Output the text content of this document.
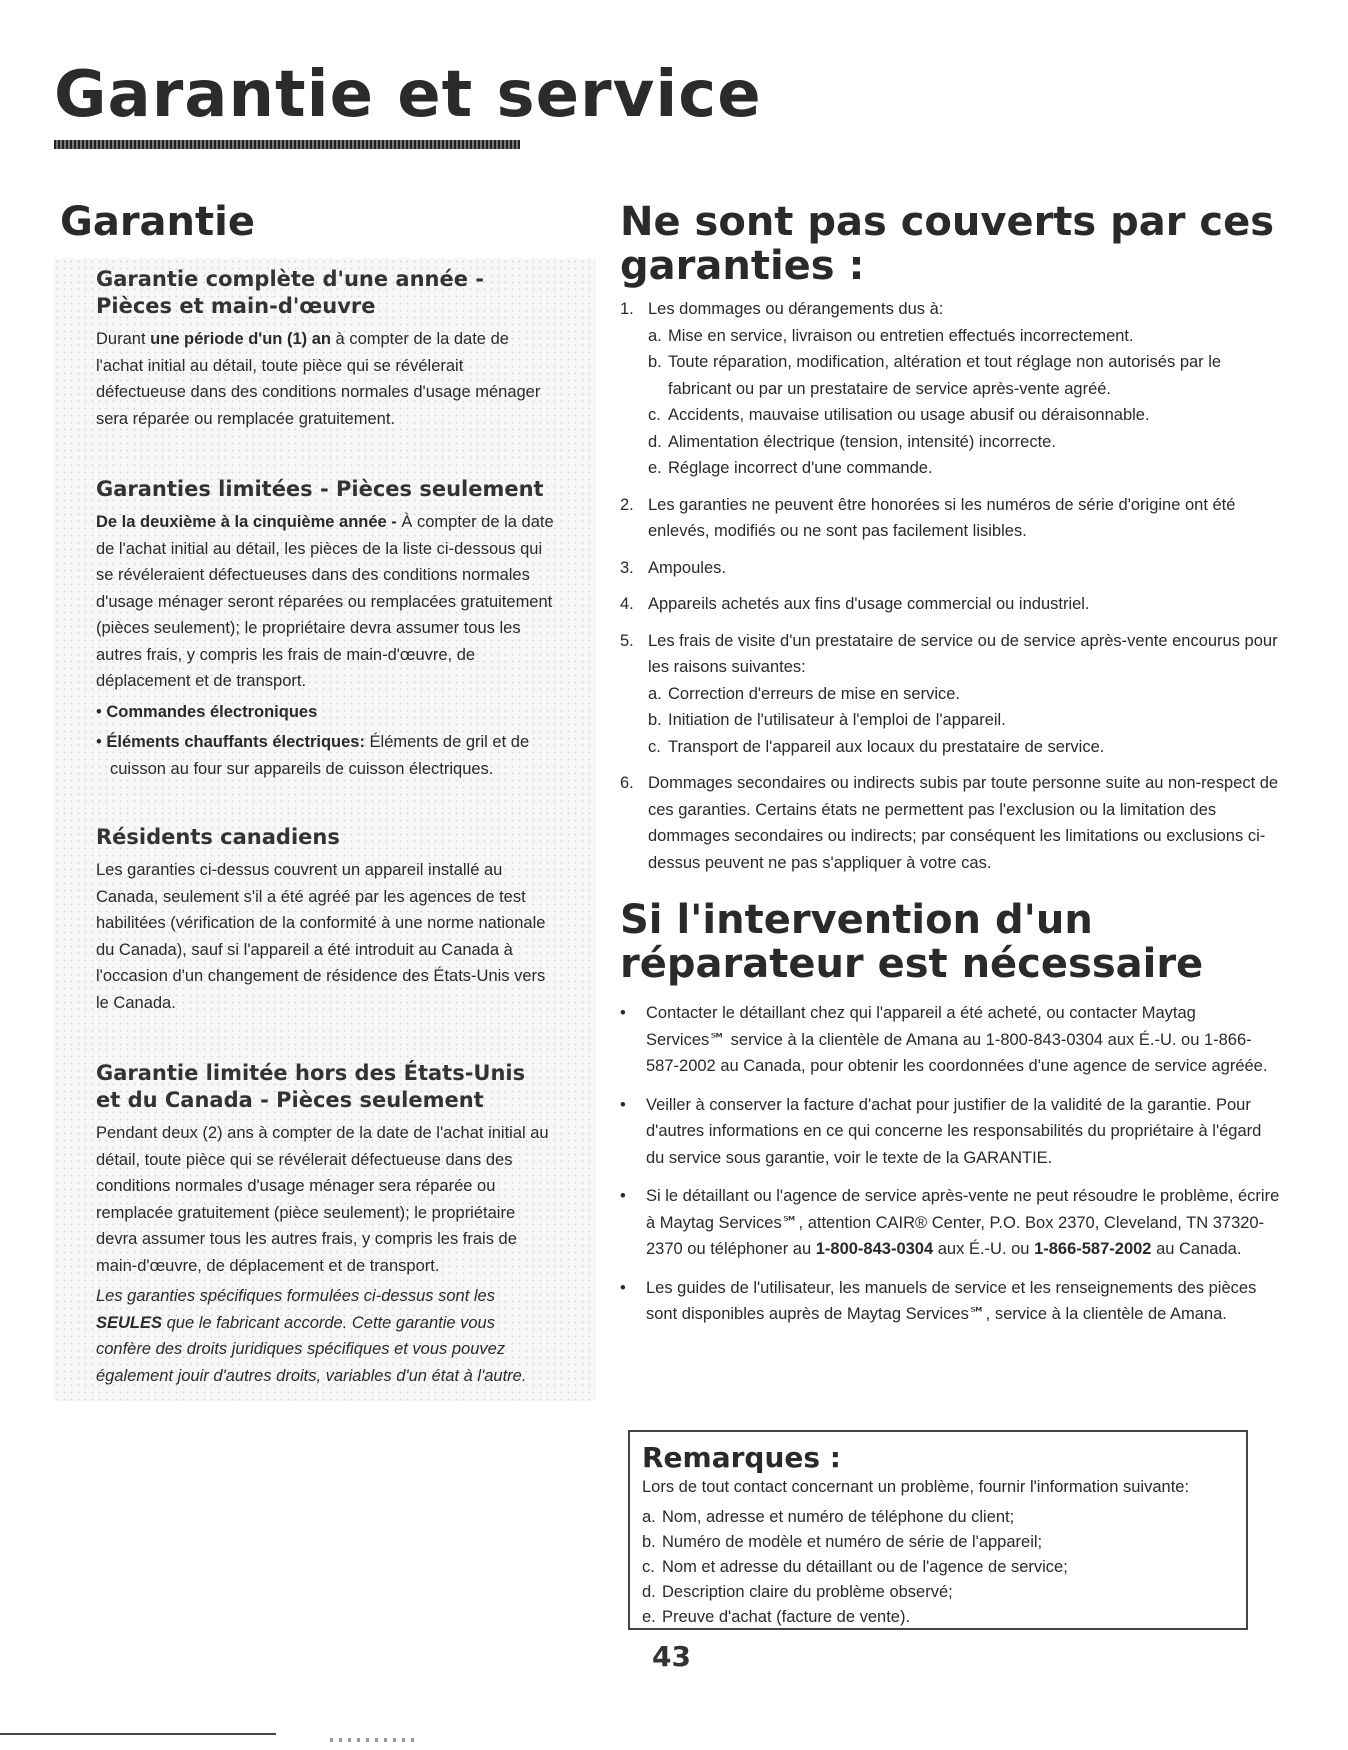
Garantie et service
Garantie
Garantie complète d'une année - Pièces et main-d'œuvre

Durant une période d'un (1) an à compter de la date de l'achat initial au détail, toute pièce qui se révélerait défectueuse dans des conditions normales d'usage ménager sera réparée ou remplacée gratuitement.

Garanties limitées - Pièces seulement

De la deuxième à la cinquième année - À compter de la date de l'achat initial au détail, les pièces de la liste ci-dessous qui se révéleraient défectueuses dans des conditions normales d'usage ménager seront réparées ou remplacées gratuitement (pièces seulement); le propriétaire devra assumer tous les autres frais, y compris les frais de main-d'œuvre, de déplacement et de transport.

• Commandes électroniques

• Éléments chauffants électriques: Éléments de gril et de cuisson au four sur appareils de cuisson électriques.

Résidents canadiens

Les garanties ci-dessus couvrent un appareil installé au Canada, seulement s'il a été agréé par les agences de test habilitées (vérification de la conformité à une norme nationale du Canada), sauf si l'appareil a été introduit au Canada à l'occasion d'un changement de résidence des États-Unis vers le Canada.

Garantie limitée hors des États-Unis et du Canada - Pièces seulement

Pendant deux (2) ans à compter de la date de l'achat initial au détail, toute pièce qui se révélerait défectueuse dans des conditions normales d'usage ménager sera réparée ou remplacée gratuitement (pièce seulement); le propriétaire devra assumer tous les autres frais, y compris les frais de main-d'œuvre, de déplacement et de transport.

Les garanties spécifiques formulées ci-dessus sont les SEULES que le fabricant accorde. Cette garantie vous confère des droits juridiques spécifiques et vous pouvez également jouir d'autres droits, variables d'un état à l'autre.

Ne sont pas couverts par ces garanties :
1. Les dommages ou dérangements dus à:
a. Mise en service, livraison ou entretien effectués incorrectement.
b. Toute réparation, modification, altération et tout réglage non autorisés par le fabricant ou par un prestataire de service après-vente agréé.
c. Accidents, mauvaise utilisation ou usage abusif ou déraisonnable.
d. Alimentation électrique (tension, intensité) incorrecte.
e. Réglage incorrect d'une commande.
2. Les garanties ne peuvent être honorées si les numéros de série d'origine ont été enlevés, modifiés ou ne sont pas facilement lisibles.
3. Ampoules.
4. Appareils achetés aux fins d'usage commercial ou industriel.
5. Les frais de visite d'un prestataire de service ou de service après-vente encourus pour les raisons suivantes:
a. Correction d'erreurs de mise en service.
b. Initiation de l'utilisateur à l'emploi de l'appareil.
c. Transport de l'appareil aux locaux du prestataire de service.
6. Dommages secondaires ou indirects subis par toute personne suite au non-respect de ces garanties. Certains états ne permettent pas l'exclusion ou la limitation des dommages secondaires ou indirects; par conséquent les limitations ou exclusions ci-dessus peuvent ne pas s'appliquer à votre cas.
Si l'intervention d'un réparateur est nécessaire
•	Contacter le détaillant chez qui l'appareil a été acheté, ou contacter Maytag Services℠ service à la clientèle de Amana au 1-800-843-0304 aux É.-U. ou 1-866-587-2002 au Canada, pour obtenir les coordonnées d'une agence de service agréée.
•	Veiller à conserver la facture d'achat pour justifier de la validité de la garantie. Pour d'autres informations en ce qui concerne les responsabilités du propriétaire à l'égard du service sous garantie, voir le texte de la GARANTIE.
•	Si le détaillant ou l'agence de service après-vente ne peut résoudre le problème, écrire à Maytag Services℠, attention CAIR® Center, P.O. Box 2370, Cleveland, TN 37320-2370 ou téléphoner au 1-800-843-0304 aux É.-U. ou 1-866-587-2002 au Canada.
•	Les guides de l'utilisateur, les manuels de service et les renseignements des pièces sont disponibles auprès de Maytag Services℠, service à la clientèle de Amana.
Remarques :

Lors de tout contact concernant un problème, fournir l'information suivante:

a. Nom, adresse et numéro de téléphone du client;
b. Numéro de modèle et numéro de série de l'appareil;
c. Nom et adresse du détaillant ou de l'agence de service;
d. Description claire du problème observé;
e. Preuve d'achat (facture de vente).
43
